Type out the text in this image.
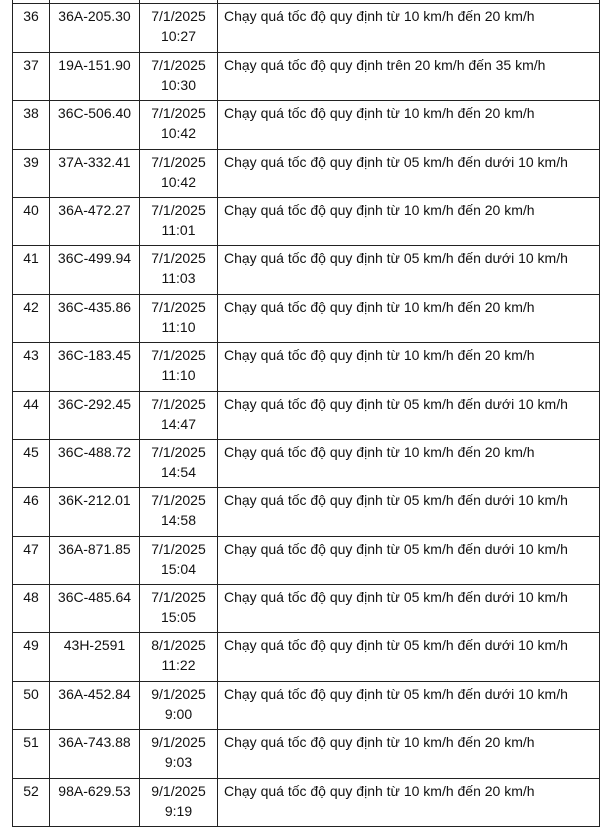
36	36A-205.30	7/1/2025
10:27
	Chạy quá tốc độ quy định từ 10 km/h đến 20 km/h
37	19A-151.90	7/1/2025
10:30
	Chạy quá tốc độ quy định trên 20 km/h đến 35 km/h
38	36C-506.40	7/1/2025
10:42
	Chạy quá tốc độ quy định từ 10 km/h đến 20 km/h
39	37A-332.41	7/1/2025
10:42
	Chạy quá tốc độ quy định từ 05 km/h đến dưới 10 km/h
40	36A-472.27	7/1/2025
11:01
	Chạy quá tốc độ quy định từ 10 km/h đến 20 km/h
41	36C-499.94	7/1/2025
11:03
	Chạy quá tốc độ quy định từ 05 km/h đến dưới 10 km/h
42	36C-435.86	7/1/2025
11:10
	Chạy quá tốc độ quy định từ 10 km/h đến 20 km/h
43	36C-183.45	7/1/2025
11:10
	Chạy quá tốc độ quy định từ 10 km/h đến 20 km/h
44	36C-292.45	7/1/2025
14:47
	Chạy quá tốc độ quy định từ 05 km/h đến dưới 10 km/h
45	36C-488.72	7/1/2025
14:54
	Chạy quá tốc độ quy định từ 10 km/h đến 20 km/h
46	36K-212.01	7/1/2025
14:58
	Chạy quá tốc độ quy định từ 05 km/h đến dưới 10 km/h
47	36A-871.85	7/1/2025
15:04
	Chạy quá tốc độ quy định từ 05 km/h đến dưới 10 km/h
48	36C-485.64	7/1/2025
15:05
	Chạy quá tốc độ quy định từ 05 km/h đến dưới 10 km/h
49	43H-2591	8/1/2025
11:22
	Chạy quá tốc độ quy định từ 05 km/h đến dưới 10 km/h
50	36A-452.84	9/1/2025
9:00
	Chạy quá tốc độ quy định từ 05 km/h đến dưới 10 km/h
51	36A-743.88	9/1/2025
9:03
	Chạy quá tốc độ quy định từ 10 km/h đến 20 km/h
52	98A-629.53	9/1/2025
9:19
	Chạy quá tốc độ quy định từ 10 km/h đến 20 km/h
